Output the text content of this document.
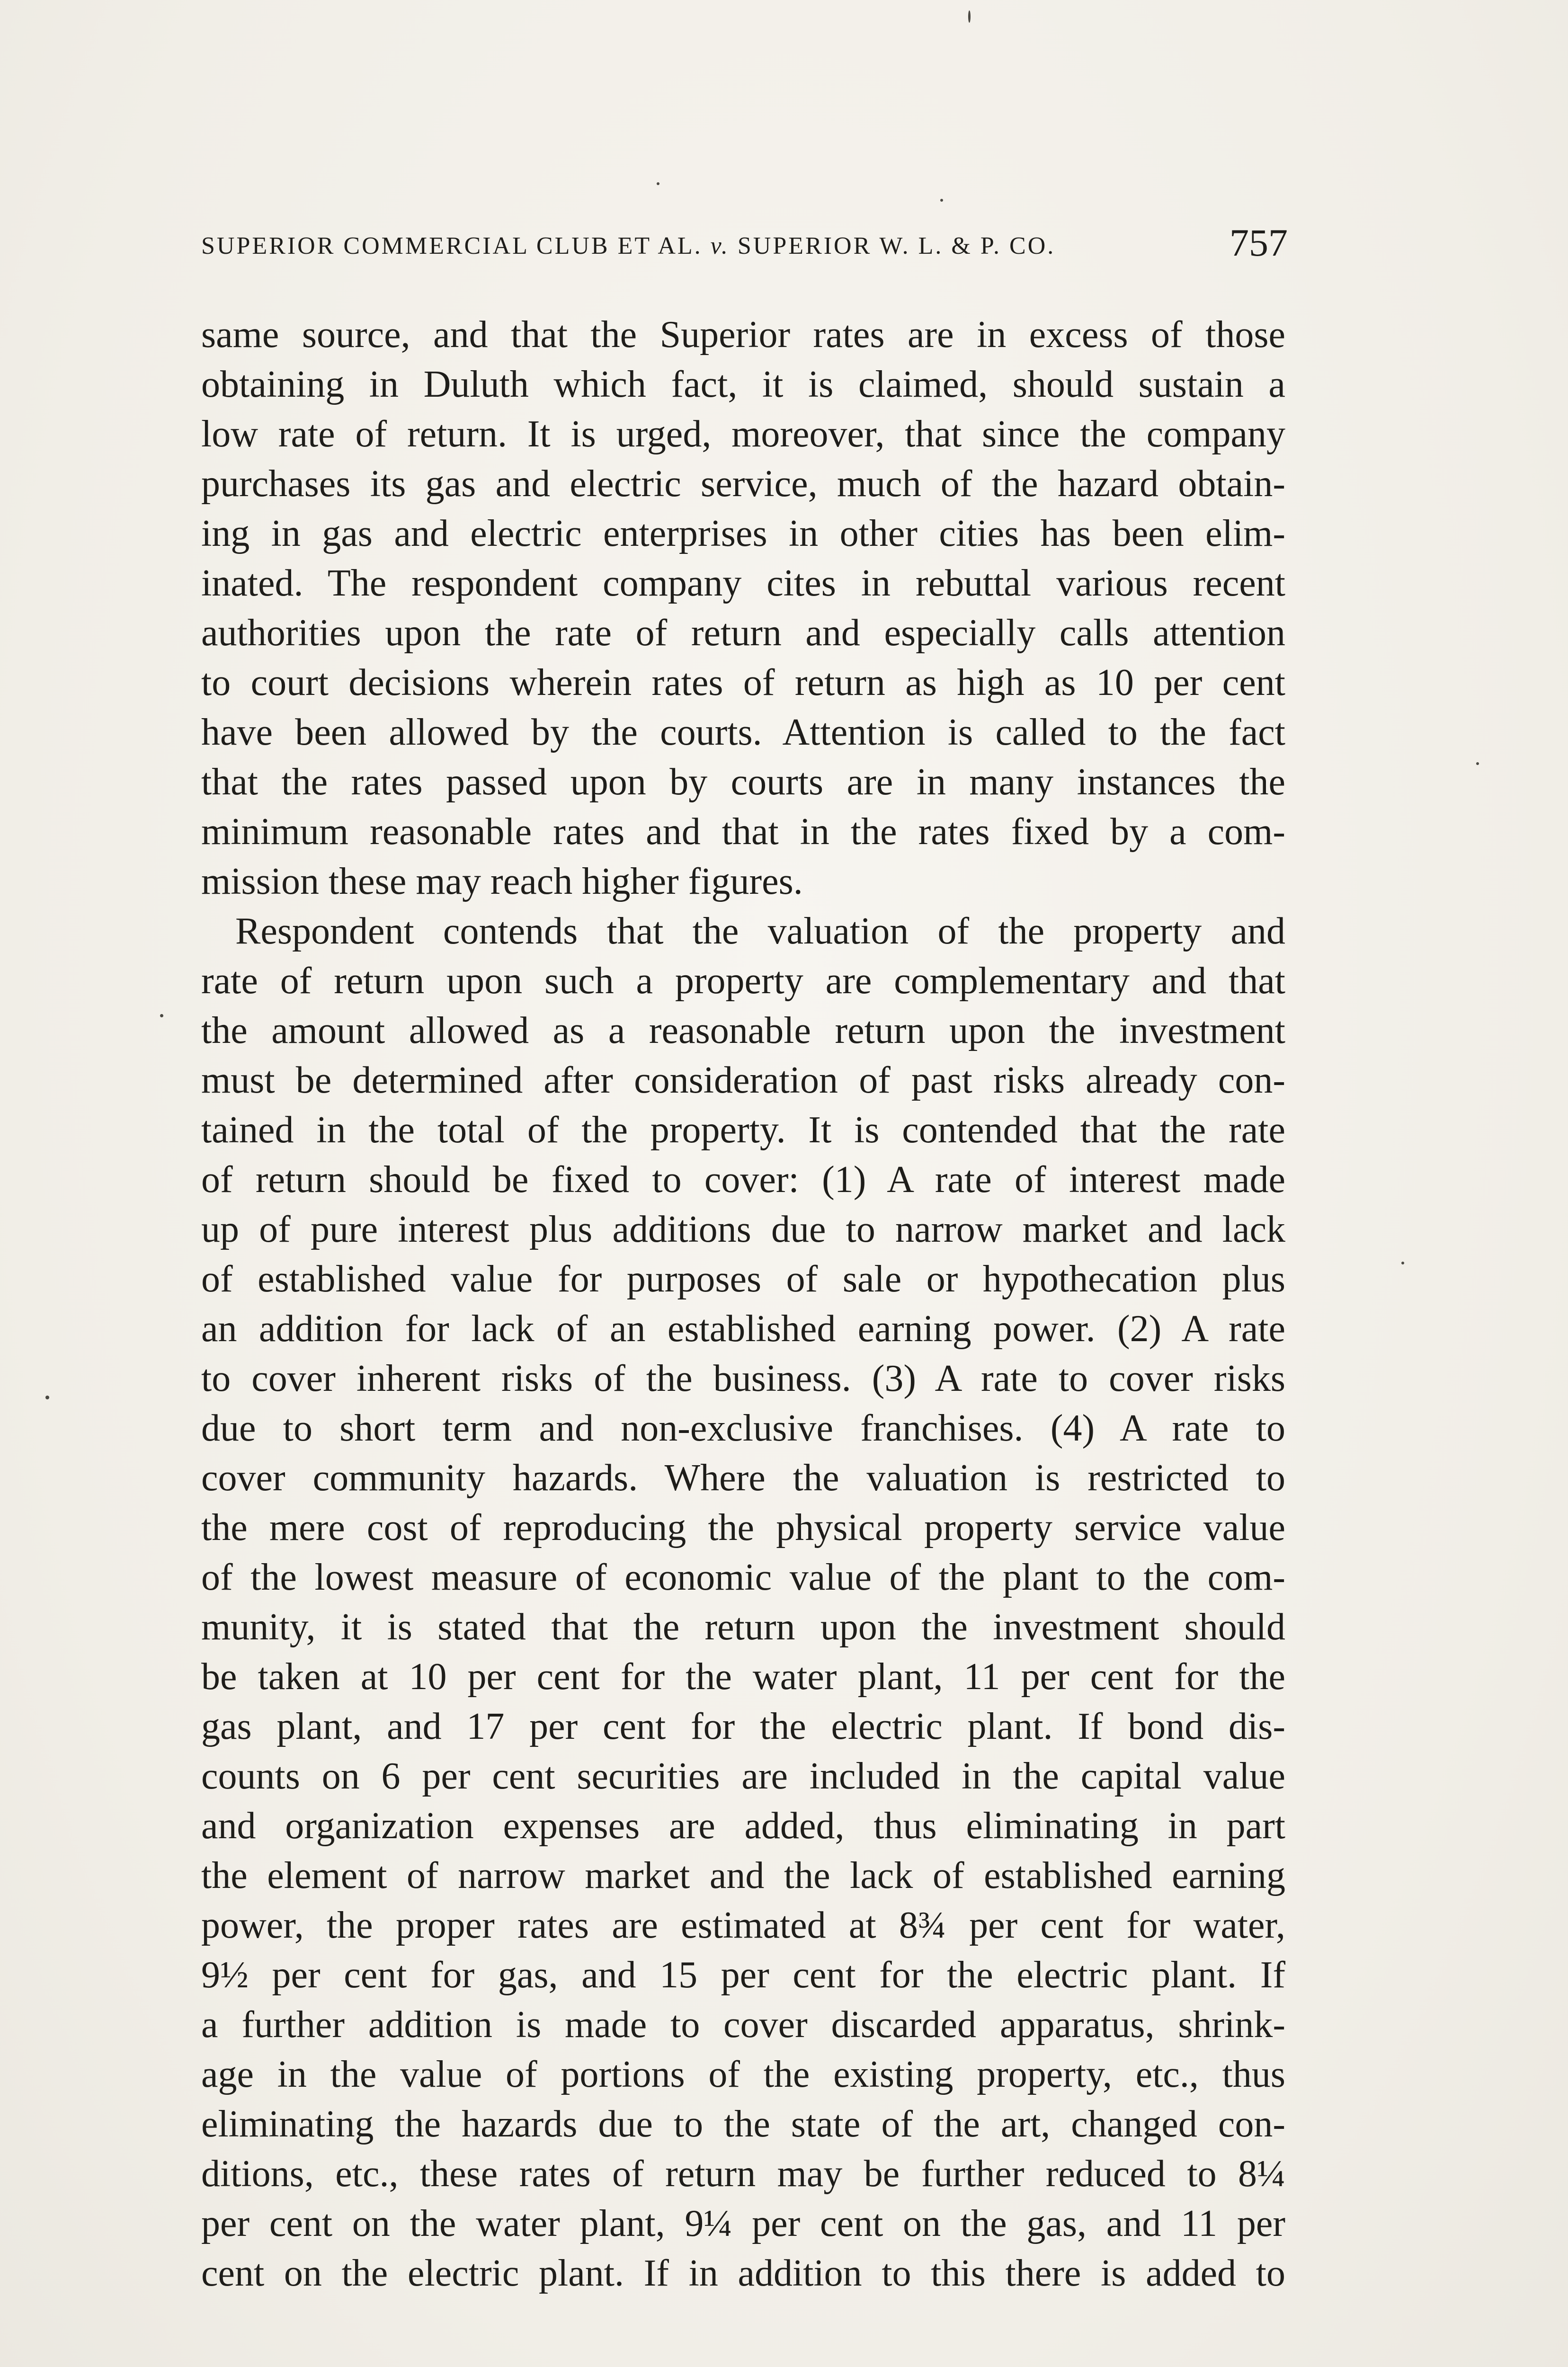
SUPERIOR COMMERCIAL CLUB ET AL. v. SUPERIOR W. L. & P. CO.	757
same source, and that the Superior rates are in excess of those
obtaining in Duluth which fact, it is claimed, should sustain a
low rate of return. It is urged, moreover, that since the company
purchases its gas and electric service, much of the hazard obtain-
ing in gas and electric enterprises in other cities has been elim-
inated. The respondent company cites in rebuttal various recent
authorities upon the rate of return and especially calls attention
to court decisions wherein rates of return as high as 10 per cent
have been allowed by the courts. Attention is called to the fact
that the rates passed upon by courts are in many instances the
minimum reasonable rates and that in the rates fixed by a com-
mission these may reach higher figures.
Respondent contends that the valuation of the property and
rate of return upon such a property are complementary and that
the amount allowed as a reasonable return upon the investment
must be determined after consideration of past risks already con-
tained in the total of the property. It is contended that the rate
of return should be fixed to cover: (1) A rate of interest made
up of pure interest plus additions due to narrow market and lack
of established value for purposes of sale or hypothecation plus
an addition for lack of an established earning power. (2) A rate
to cover inherent risks of the business. (3) A rate to cover risks
due to short term and non-exclusive franchises. (4) A rate to
cover community hazards. Where the valuation is restricted to
the mere cost of reproducing the physical property service value
of the lowest measure of economic value of the plant to the com-
munity, it is stated that the return upon the investment should
be taken at 10 per cent for the water plant, 11 per cent for the
gas plant, and 17 per cent for the electric plant. If bond dis-
counts on 6 per cent securities are included in the capital value
and organization expenses are added, thus eliminating in part
the element of narrow market and the lack of established earning
power, the proper rates are estimated at 8¾ per cent for water,
9½ per cent for gas, and 15 per cent for the electric plant. If
a further addition is made to cover discarded apparatus, shrink-
age in the value of portions of the existing property, etc., thus
eliminating the hazards due to the state of the art, changed con-
ditions, etc., these rates of return may be further reduced to 8¼
per cent on the water plant, 9¼ per cent on the gas, and 11 per
cent on the electric plant. If in addition to this there is added to
